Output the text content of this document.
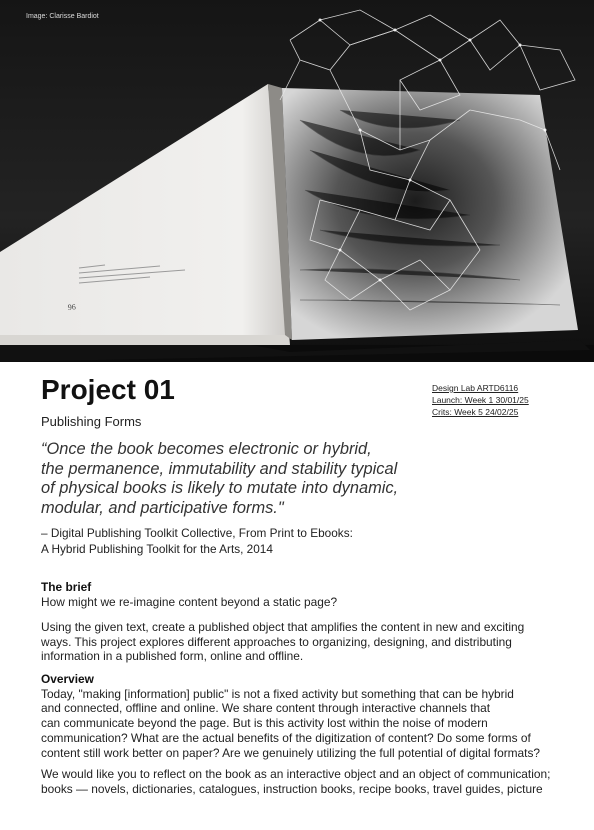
96
Image: Clarisse Bardiot
Project 01
Publishing Forms
Design Lab ARTD6116
Launch: Week 1 30/01/25
Crits: Week 5 24/02/25
“Once the book becomes electronic or hybrid,
the permanence, immutability and stability typical
of physical books is likely to mutate into dynamic,
modular, and participative forms."
– Digital Publishing Toolkit Collective, From Print to Ebooks:
A Hybrid Publishing Toolkit for the Arts, 2014
The brief
How might we re-imagine content beyond a static page?
Using the given text, create a published object that amplifies the content in new and exciting
ways. This project explores different approaches to organizing, designing, and distributing
information in a published form, online and offline.
Overview
Today, "making [information] public" is not a fixed activity but something that can be hybrid
and connected, offline and online. We share content through interactive channels that
can communicate beyond the page. But is this activity lost within the noise of modern
communication? What are the actual benefits of the digitization of content? Do some forms of
content still work better on paper? Are we genuinely utilizing the full potential of digital formats?
We would like you to reflect on the book as an interactive object and an object of communication;
books — novels, dictionaries, catalogues, instruction books, recipe books, travel guides, picture
